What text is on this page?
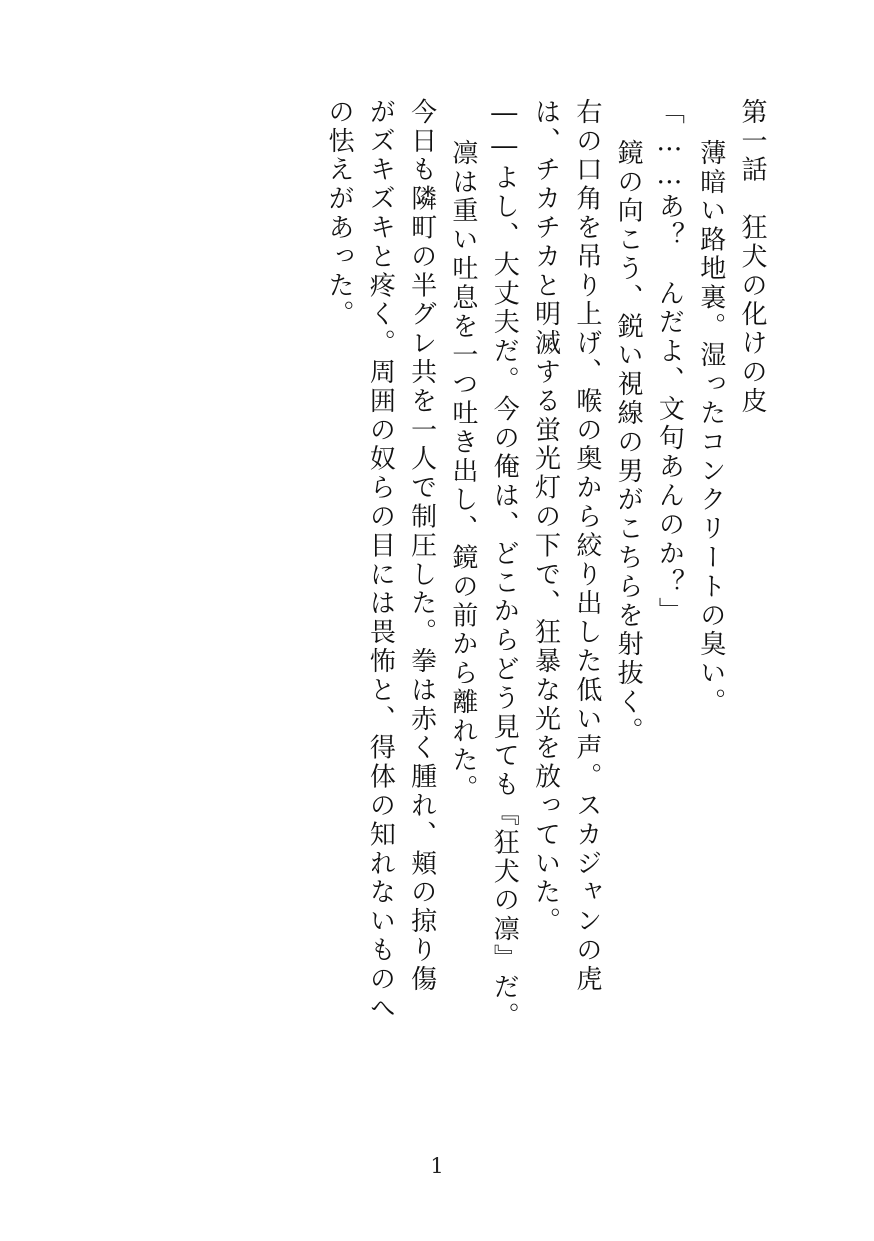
第一話　狂犬の化けの皮
薄暗い路地裏。湿ったコンクリートの臭い。
「……あ？　んだよ、文句あんのか？」
鏡の向こう、鋭い視線の男がこちらを射抜く。
右の口角を吊り上げ、喉の奥から絞り出した低い声。スカジャンの虎
は、チカチカと明滅する蛍光灯の下で、狂暴な光を放っていた。
――よし、大丈夫だ。今の俺は、どこからどう見ても『狂犬の凛』だ。
凛は重い吐息を一つ吐き出し、鏡の前から離れた。
今日も隣町の半グレ共を一人で制圧した。拳は赤く腫れ、頬の掠り傷
がズキズキと疼く。周囲の奴らの目には畏怖と、得体の知れないものへ
の怯えがあった。
1
